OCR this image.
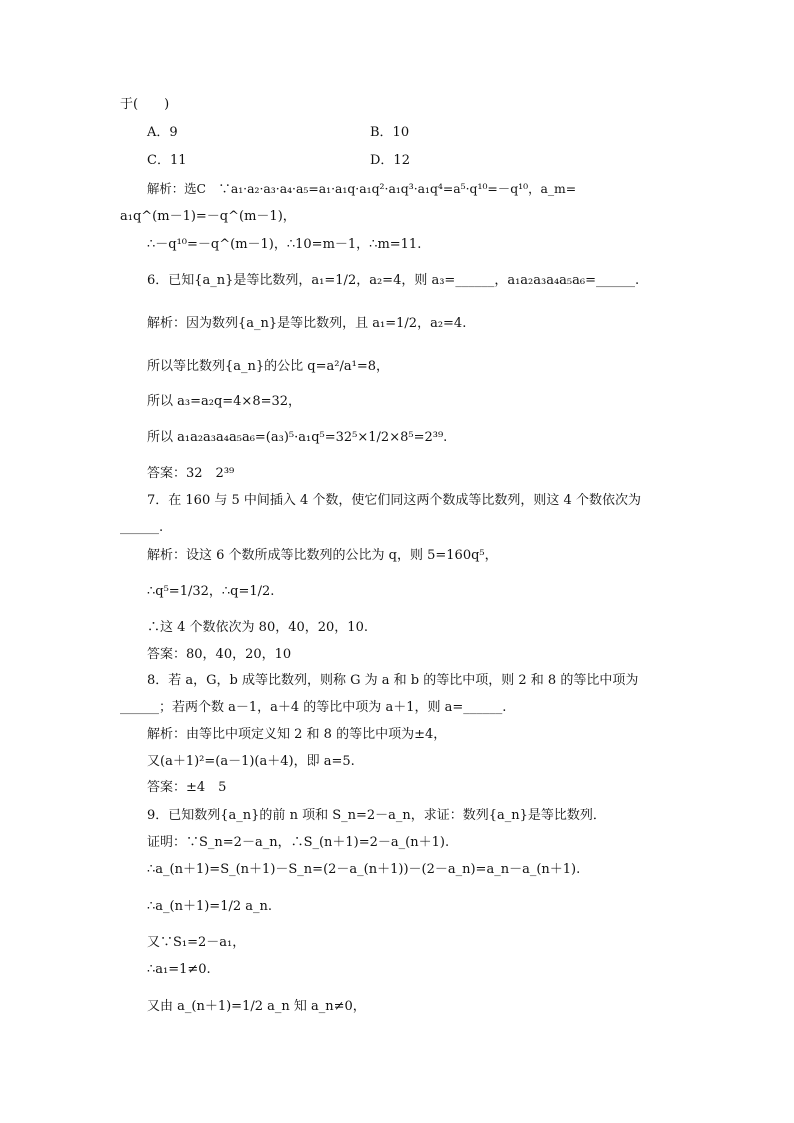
于(　　)
A．9	B．10
C．11	D．12
解析：选C　∵a₁·a₂·a₃·a₄·a₅=a₁·a₁q·a₁q²·a₁q³·a₁q⁴=a⁵·q¹⁰=－q¹⁰，a_m=
a₁q^(m－1)=－q^(m－1)，
∴－q¹⁰=－q^(m－1)，∴10=m－1，∴m=11.
6．已知{a_n}是等比数列，a₁=1/2，a₂=4，则 a₃=______，a₁a₂a₃a₄a₅a₆=______.
解析：因为数列{a_n}是等比数列，且 a₁=1/2，a₂=4.
所以等比数列{a_n}的公比 q=a²/a¹=8，
所以 a₃=a₂q=4×8=32，
所以 a₁a₂a₃a₄a₅a₆=(a₃)⁵·a₁q⁵=32⁵×1/2×8⁵=2³⁹.
答案：32　2³⁹
7．在 160 与 5 中间插入 4 个数，使它们同这两个数成等比数列，则这 4 个数依次为
______.
解析：设这 6 个数所成等比数列的公比为 q，则 5=160q⁵，
∴q⁵=1/32，∴q=1/2.
∴这 4 个数依次为 80，40，20，10.
答案：80，40，20，10
8．若 a，G，b 成等比数列，则称 G 为 a 和 b 的等比中项，则 2 和 8 的等比中项为
______；若两个数 a－1，a＋4 的等比中项为 a＋1，则 a=______.
解析：由等比中项定义知 2 和 8 的等比中项为±4，
又(a＋1)²=(a－1)(a＋4)，即 a=5.
答案：±4　5
9．已知数列{a_n}的前 n 项和 S_n=2－a_n，求证：数列{a_n}是等比数列．
证明：∵S_n=2－a_n，∴S_(n＋1)=2－a_(n＋1).
∴a_(n＋1)=S_(n＋1)－S_n=(2－a_(n＋1))－(2－a_n)=a_n－a_(n＋1).
∴a_(n＋1)=1/2 a_n.
又∵S₁=2－a₁，
∴a₁=1≠0.
又由 a_(n＋1)=1/2 a_n 知 a_n≠0，
